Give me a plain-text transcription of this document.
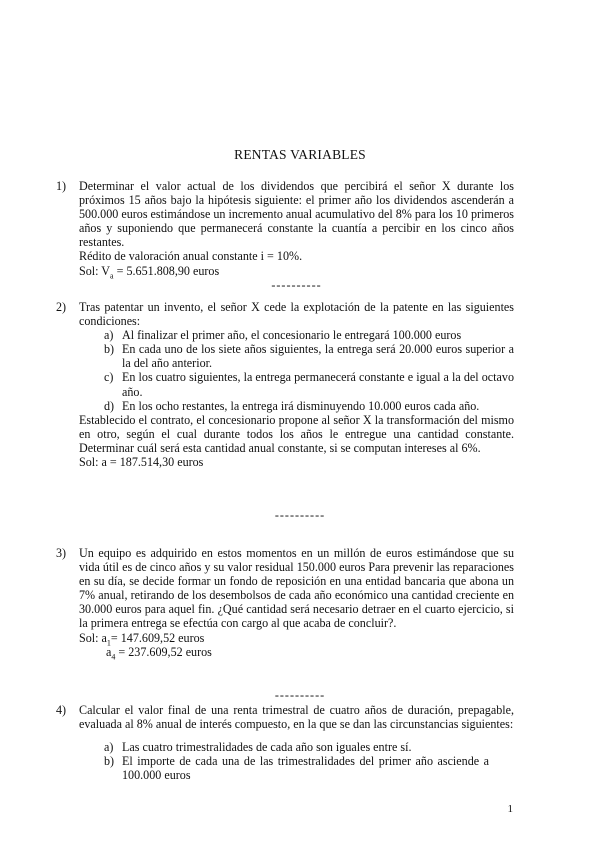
RENTAS VARIABLES
1) Determinar el valor actual de los dividendos que percibirá el señor X durante los próximos 15 años bajo la hipótesis siguiente: el primer año los dividendos ascenderán a 500.000 euros estimándose un incremento anual acumulativo del 8% para los 10 primeros años y suponiendo que permanecerá constante la cuantía a percibir en los cinco años restantes.

Rédito de valoración anual constante i = 10%.

Sol: $V_a = 5.651.808,90$ euros

----------

2) Tras patentar un invento, el señor X cede la explotación de la patente en las siguientes condiciones:

a) Al finalizar el primer año, el concesionario le entregará 100.000 euros
b) En cada uno de los siete años siguientes, la entrega será 20.000 euros superior a la del año anterior.
c) En los cuatro siguientes, la entrega permanecerá constante e igual a la del octavo año.
d) En los ocho restantes, la entrega irá disminuyendo 10.000 euros cada año.

Establecido el contrato, el concesionario propone al señor X la transformación del mismo en otro, según el cual durante todos los años le entregue una cantidad constante. Determinar cuál será esta cantidad anual constante, si se computan intereses al 6%.

Sol: a = 187.514,30 euros

----------
3) Un equipo es adquirido en estos momentos en un millón de euros estimándose que su vida útil es de cinco años y su valor residual 150.000 euros Para prevenir las reparaciones en su día, se decide formar un fondo de reposición en una entidad bancaria que abona un 7% anual, retirando de los desembolsos de cada año económico una cantidad creciente en 30.000 euros para aquel fin. ¿Qué cantidad será necesario detraer en el cuarto ejercicio, si la primera entrega se efectúa con cargo al que acaba de concluir?.

Sol: $a_1= 147.609,52$ euros

$a_4 = 237.609,52$ euros

----------
4) Calcular el valor final de una renta trimestral de cuatro años de duración, prepagable, evaluada al 8% anual de interés compuesto, en la que se dan las circunstancias siguientes:

a) Las cuatro trimestralidades de cada año son iguales entre sí.
b) El importe de cada una de las trimestralidades del primer año asciende a 100.000 euros
1
